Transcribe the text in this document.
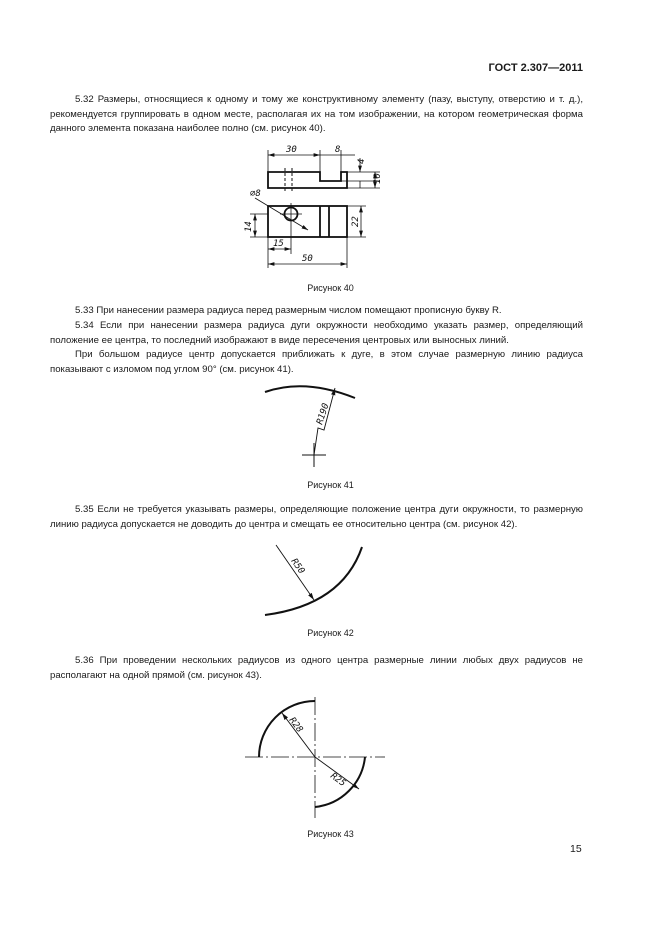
ГОСТ 2.307—2011

5.32 Размеры, относящиеся к одному и тому же конструктивному элементу (пазу, выступу, отверстию и т. д.), рекомендуется группировать в одном месте, располагая их на том изображении, на котором геометрическая форма данного элемента показана наиболее полно (см. рисунок 40).

5.33 При нанесении размера радиуса перед размерным числом помещают прописную букву R.

5.34 Если при нанесении размера радиуса дуги окружности необходимо указать размер, определяющий положение ее центра, то последний изображают в виде пересечения центровых или выносных линий.

При большом радиусе центр допускается приближать к дуге, в этом случае размерную линию радиуса показывают с изломом под углом 90° (см. рисунок 41).

5.35 Если не требуется указывать размеры, определяющие положение центра дуги окружности, то размерную линию радиуса допускается не доводить до центра и смещать ее относительно центра (см. рисунок 42).

5.36 При проведении нескольких радиусов из одного центра размерные линии любых двух радиусов не располагают на одной прямой (см. рисунок 43).

Рисунок 40
Рисунок 41
Рисунок 42
Рисунок 43
15
30	8
4
10
⌀8
14	22
15
50
R190
R50
R28
R25
